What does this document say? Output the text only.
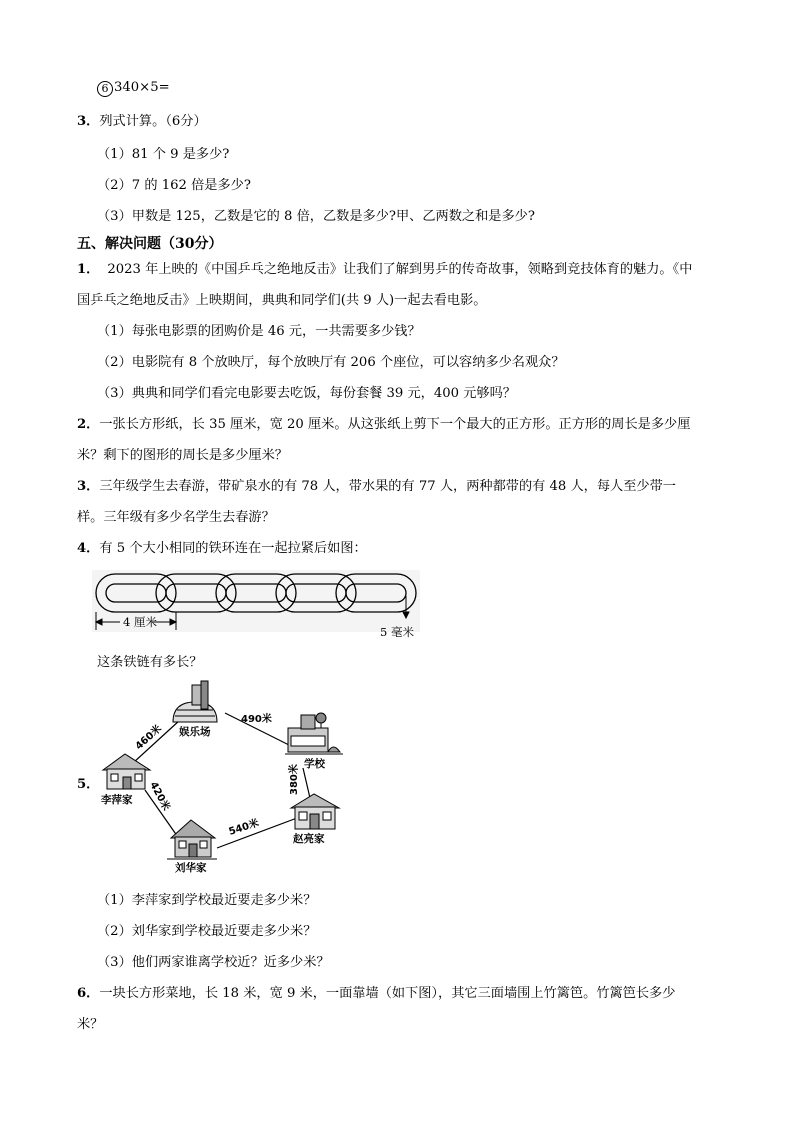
6 340×5=
3．列式计算。（6分）
（1）81 个 9 是多少?
（2）7 的 162 倍是多少?
（3）甲数是 125，乙数是它的 8 倍，乙数是多少?甲、乙两数之和是多少?
五、解决问题（30分）
1． 2023 年上映的《中国乒乓之绝地反击》让我们了解到男乒的传奇故事，领略到竞技体育的魅力。《中
国乒乓之绝地反击》上映期间，典典和同学们(共 9 人)一起去看电影。
（1）每张电影票的团购价是 46 元，一共需要多少钱？
（2）电影院有 8 个放映厅，每个放映厅有 206 个座位，可以容纳多少名观众？
（3）典典和同学们看完电影要去吃饭，每份套餐 39 元，400 元够吗？
2．一张长方形纸，长 35 厘米，宽 20 厘米。从这张纸上剪下一个最大的正方形。正方形的周长是多少厘
米？剩下的图形的周长是多少厘米？
3．三年级学生去春游，带矿泉水的有 78 人，带水果的有 77 人，两种都带的有 48 人，每人至少带一
样。三年级有多少名学生去春游？
4．有 5 个大小相同的铁环连在一起拉紧后如图：
4 厘米
5 毫米
这条铁链有多长？
5．
娱乐场
学校
李萍家
赵亮家
刘华家
460米
490米
420米
380米
540米
（1）李萍家到学校最近要走多少米？
（2）刘华家到学校最近要走多少米？
（3）他们两家谁离学校近？近多少米？
6．一块长方形菜地，长 18 米，宽 9 米，一面靠墙（如下图），其它三面墙围上竹篱笆。竹篱笆长多少
米？
